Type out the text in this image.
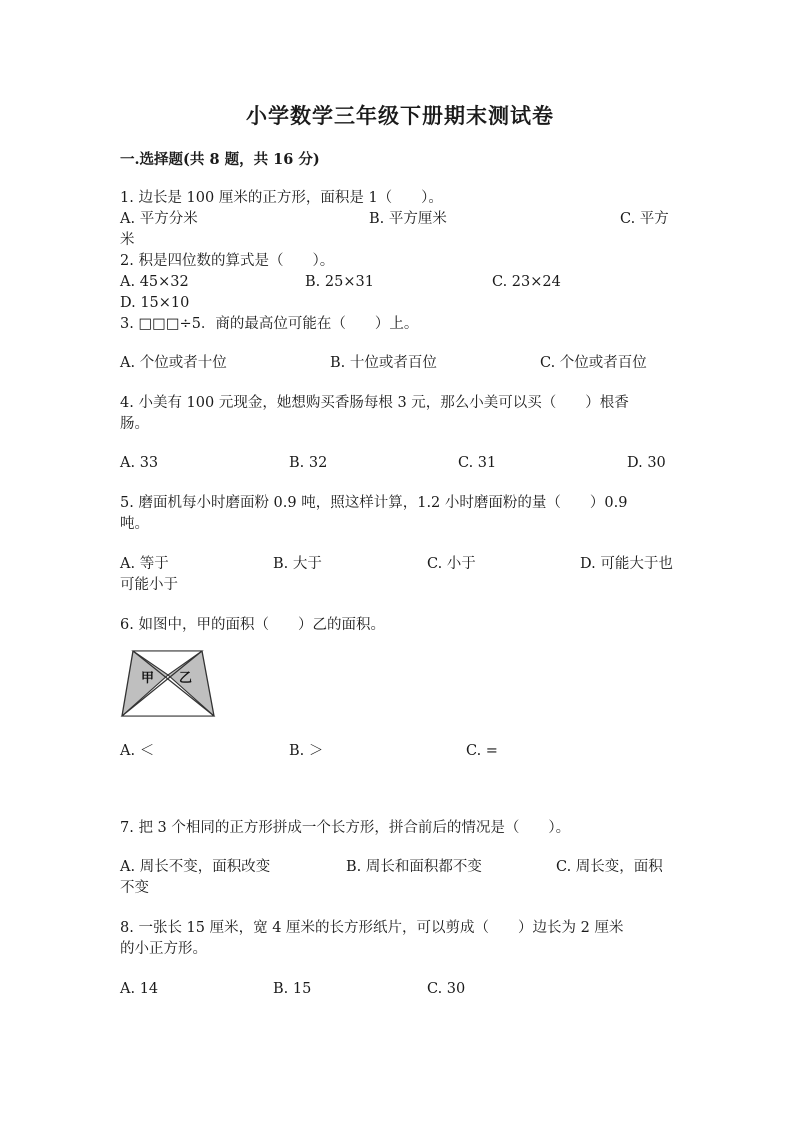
小学数学三年级下册期末测试卷
一.选择题(共 8 题，共 16 分)
1. 边长是 100 厘米的正方形，面积是 1（　　）。
A. 平方分米	B. 平方厘米	C. 平方
米
2. 积是四位数的算式是（　　）。
A. 45×32	B. 25×31	C. 23×24
D. 15×10
3. □□□÷5．商的最高位可能在（　　）上。
A. 个位或者十位	B. 十位或者百位	C. 个位或者百位
4. 小美有 100 元现金，她想购买香肠每根 3 元，那么小美可以买（　　）根香
肠。
A. 33	B. 32	C. 31	D. 30
5. 磨面机每小时磨面粉 0.9 吨，照这样计算，1.2 小时磨面粉的量（　　）0.9
吨。
A. 等于	B. 大于	C. 小于	D. 可能大于也
可能小于
6. 如图中，甲的面积（　　）乙的面积。
甲 乙
A. ＜	B. ＞	C. =
7. 把 3 个相同的正方形拼成一个长方形，拼合前后的情况是（　　）。
A. 周长不变，面积改变	B. 周长和面积都不变	C. 周长变，面积
不变
8. 一张长 15 厘米，宽 4 厘米的长方形纸片，可以剪成（　　）边长为 2 厘米
的小正方形。
A. 14	B. 15	C. 30
